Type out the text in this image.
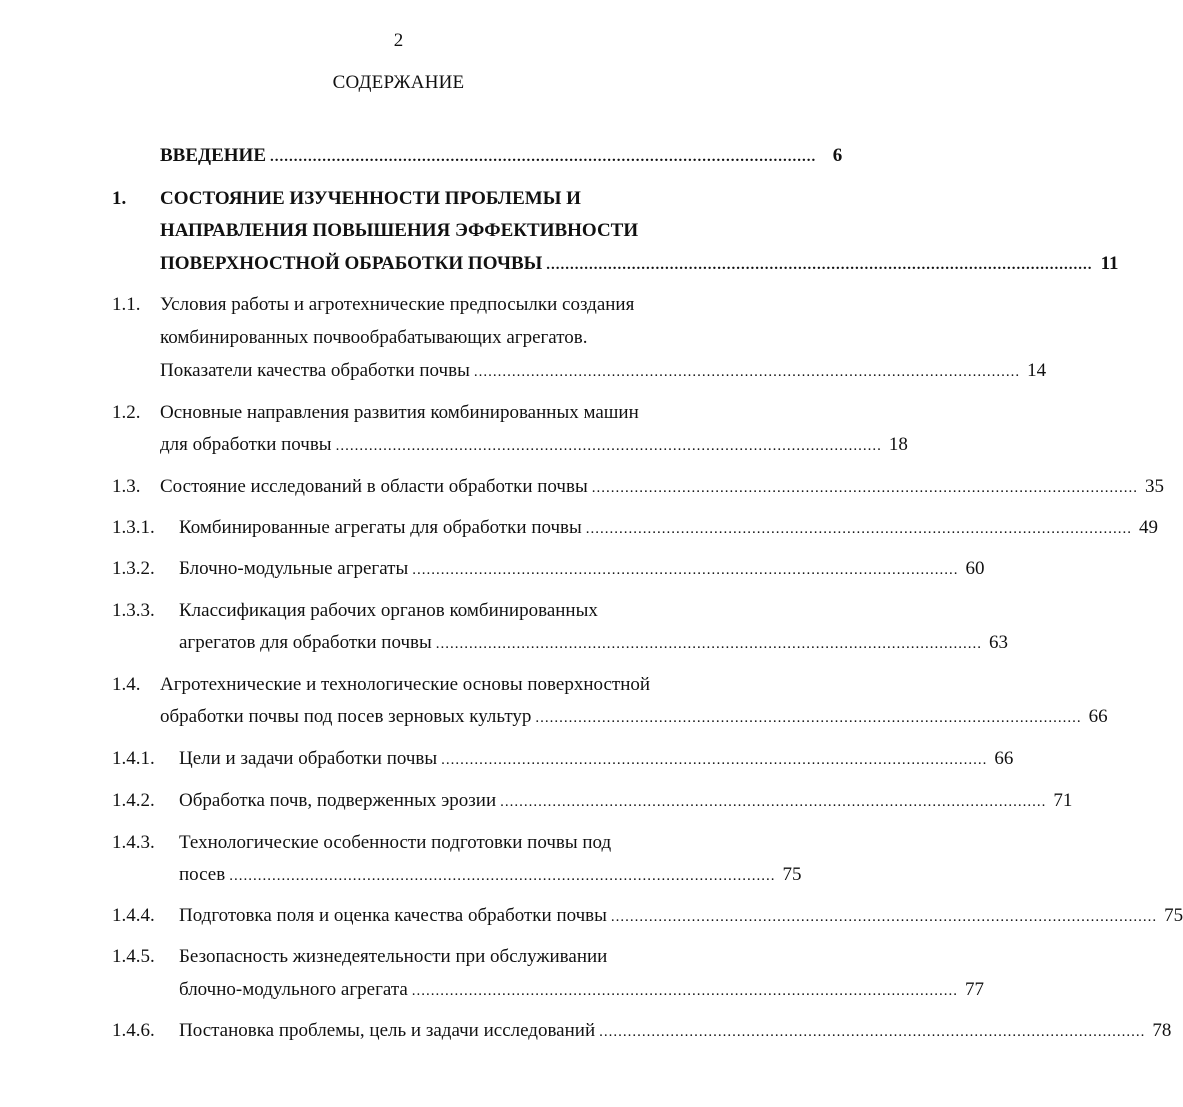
2
СОДЕРЖАНИЕ
ВВЕДЕНИЕ ................................................................................................................... 6
1. СОСТОЯНИЕ ИЗУЧЕННОСТИ ПРОБЛЕМЫ И
НАПРАВЛЕНИЯ ПОВЫШЕНИЯ ЭФФЕКТИВНОСТИ
ПОВЕРХНОСТНОЙ ОБРАБОТКИ ПОЧВЫ ................................................................................................................... 11
1.1. Условия работы и агротехнические предпосылки создания
комбинированных почвообрабатывающих агрегатов.
Показатели качества обработки почвы ................................................................................................................... 14
1.2. Основные направления развития комбинированных машин
для обработки почвы ................................................................................................................... 18
1.3. Состояние исследований в области обработки почвы ................................................................................................................... 35
1.3.1. Комбинированные агрегаты для обработки почвы ................................................................................................................... 49
1.3.2. Блочно-модульные агрегаты ................................................................................................................... 60
1.3.3. Классификация рабочих органов комбинированных
агрегатов для обработки почвы ................................................................................................................... 63
1.4. Агротехнические и технологические основы поверхностной
обработки почвы под посев зерновых культур ................................................................................................................... 66
1.4.1. Цели и задачи обработки почвы ................................................................................................................... 66
1.4.2. Обработка почв, подверженных эрозии ................................................................................................................... 71
1.4.3. Технологические особенности подготовки почвы под
посев ................................................................................................................... 75
1.4.4. Подготовка поля и оценка качества обработки почвы ................................................................................................................... 75
1.4.5. Безопасность жизнедеятельности при обслуживании
блочно-модульного агрегата ................................................................................................................... 77
1.4.6. Постановка проблемы, цель и задачи исследований ................................................................................................................... 78
